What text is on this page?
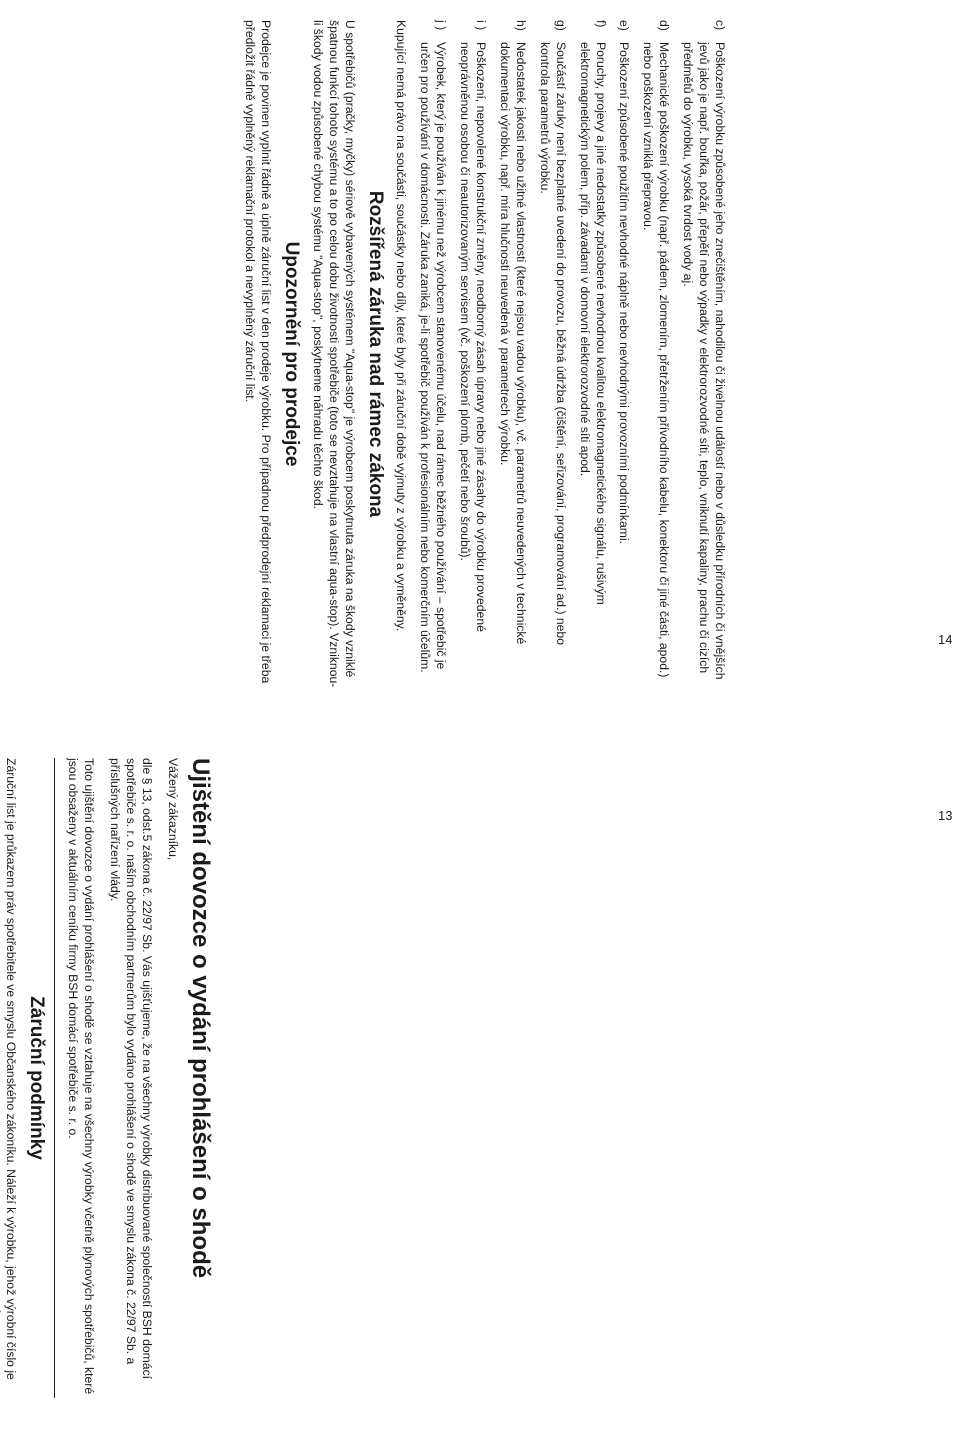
Ujištění dovozce o vydání prohlášení o shodě

Vážený zákazníku,

dle § 13, odst.5 zákona č. 22/97 Sb. Vás ujišťujeme, že na všechny výrobky distribuované společností BSH domácí spotřebiče s. r. o. naším obchodním partnerům bylo vydáno prohlášení o shodě ve smyslu zákona č. 22/97 Sb. a příslušných nařízení vlády.

Toto ujištění dovozce o vydání prohlášení o shodě se vztahuje na všechny výrobky včetně plynových spotřebičů, které jsou obsaženy v aktuálním ceníku firmy BSH domácí spotřebiče s. r. o.

Záruční podmínky

Záruční list je průkazem práv spotřebitele ve smyslu Občanského zákoníku. Náleží k výrobku, jehož výrobní číslo je

c)
Poškození výrobku způsobené jeho znečištěním, nahodilou či živelnou událostí nebo v důsledku přírodních či vnějších jevů jako je např. bouřka, požár, přepětí nebo výpadky v elektrorozvodné síti, teplo, vniknutí kapaliny, prachu či cizích předmětů do výrobku, vysoká tvrdost vody aj.
d)
Mechanické poškození výrobku (např. pádem, zlomením, přetržením přívodního kabelu, konektoru či jiné části, apod.) nebo poškození vzniklá přepravou.
e)
Poškození způsobené použitím nevhodné náplně nebo nevhodnými provozními podmínkami.
f)
Poruchy, projevy a jiné nedostatky způsobené nevhodnou kvalitou elektromagnetického signálu, rušivým elektromagnetickým polem, příp. závadami v domovní elektrorozvodné síti apod.
g)
Součástí záruky není bezplatné uvedení do provozu, běžná údržba (čištění, seřizování, programování ad.) nebo kontrola parametrů výrobku.
h)
Nedostatek jakosti nebo užitné vlastnosti (které nejsou vadou výrobku), vč. parametrů neuvedených v technické dokumentaci výrobku, např. míra hlučnosti neuvedená v parametrech výrobku.
i )
Poškození, nepovolené konstrukční změny, neodborný zásah úpravy nebo jiné zásahy do výrobku provedené neoprávněnou osobou či neautorizovaným servisem (vč. poškození plomb, pečetí nebo šroubů).
j )
Výrobek, který je používán k jinému než výrobcem stanovenému účelu, nad rámec běžného používání – spotřebič je určen pro používání v domácnosti. Záruka zaniká, je-li spotřebič používán k profesionálním nebo komerčním účelům.

Kupující nemá právo na součásti, součástky nebo díly, které byly při záruční době vyjmuty z výrobku a vyměněny.

Rozšířená záruka nad rámec zákona

U spotřebičů (pračky, myčky) sériově vybavených systémem "Aqua-stop" je výrobcem poskytnuta záruka na škody vzniklé špatnou funkcí tohoto systému a to po celou dobu životnosti spotřebiče (toto se nevztahuje na vlastní aqua-stop). Vzniknou-li škody vodou způsobené chybou systému "Aqua-stop", poskytneme náhradu těchto škod.

Upozornění pro prodejce

Prodejce je povinen vyplnit řádně a úplně záruční list v den prodeje výrobku. Pro případnou předprodejní reklamaci je třeba předložit řádně vyplněný reklamační protokol a nevyplněný záruční list.

13
14
